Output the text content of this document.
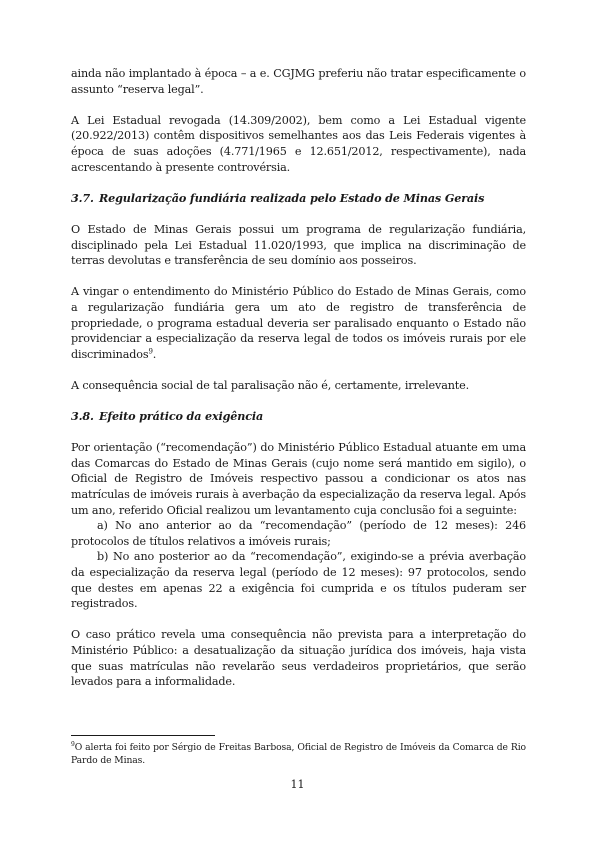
ainda não implantado à época – a e. CGJMG preferiu não tratar especificamente o assunto “reserva legal”.

A Lei Estadual revogada (14.309/2002), bem como a Lei Estadual vigente (20.922/2013) contêm dispositivos semelhantes aos das Leis Federais vigentes à época de suas adoções (4.771/1965 e 12.651/2012, respectivamente), nada acrescentando à presente controvérsia.

3.7. Regularização fundiária realizada pelo Estado de Minas Gerais

O Estado de Minas Gerais possui um programa de regularização fundiária, disciplinado pela Lei Estadual 11.020/1993, que implica na discriminação de terras devolutas e transferência de seu domínio aos posseiros.

A vingar o entendimento do Ministério Público do Estado de Minas Gerais, como a regularização fundiária gera um ato de registro de transferência de propriedade, o programa estadual deveria ser paralisado enquanto o Estado não providenciar a especialização da reserva legal de todos os imóveis rurais por ele discriminados$^9$.

A consequência social de tal paralisação não é, certamente, irrelevante.

3.8. Efeito prático da exigência

Por orientação (“recomendação”) do Ministério Público Estadual atuante em uma das Comarcas do Estado de Minas Gerais (cujo nome será mantido em sigilo), o Oficial de Registro de Imóveis respectivo passou a condicionar os atos nas matrículas de imóveis rurais à averbação da especialização da reserva legal. Após um ano, referido Oficial realizou um levantamento cuja conclusão foi a seguinte:

a) No ano anterior ao da “recomendação” (período de 12 meses): 246 protocolos de títulos relativos a imóveis rurais;

b) No ano posterior ao da “recomendação”, exigindo-se a prévia averbação da especialização da reserva legal (período de 12 meses): 97 protocolos, sendo que destes em apenas 22 a exigência foi cumprida e os títulos puderam ser registrados.

O caso prático revela uma consequência não prevista para a interpretação do Ministério Público: a desatualização da situação jurídica dos imóveis, haja vista que suas matrículas não revelarão seus verdadeiros proprietários, que serão levados para a informalidade.

$^9$O alerta foi feito por Sérgio de Freitas Barbosa, Oficial de Registro de Imóveis da Comarca de Rio Pardo de Minas.
11
